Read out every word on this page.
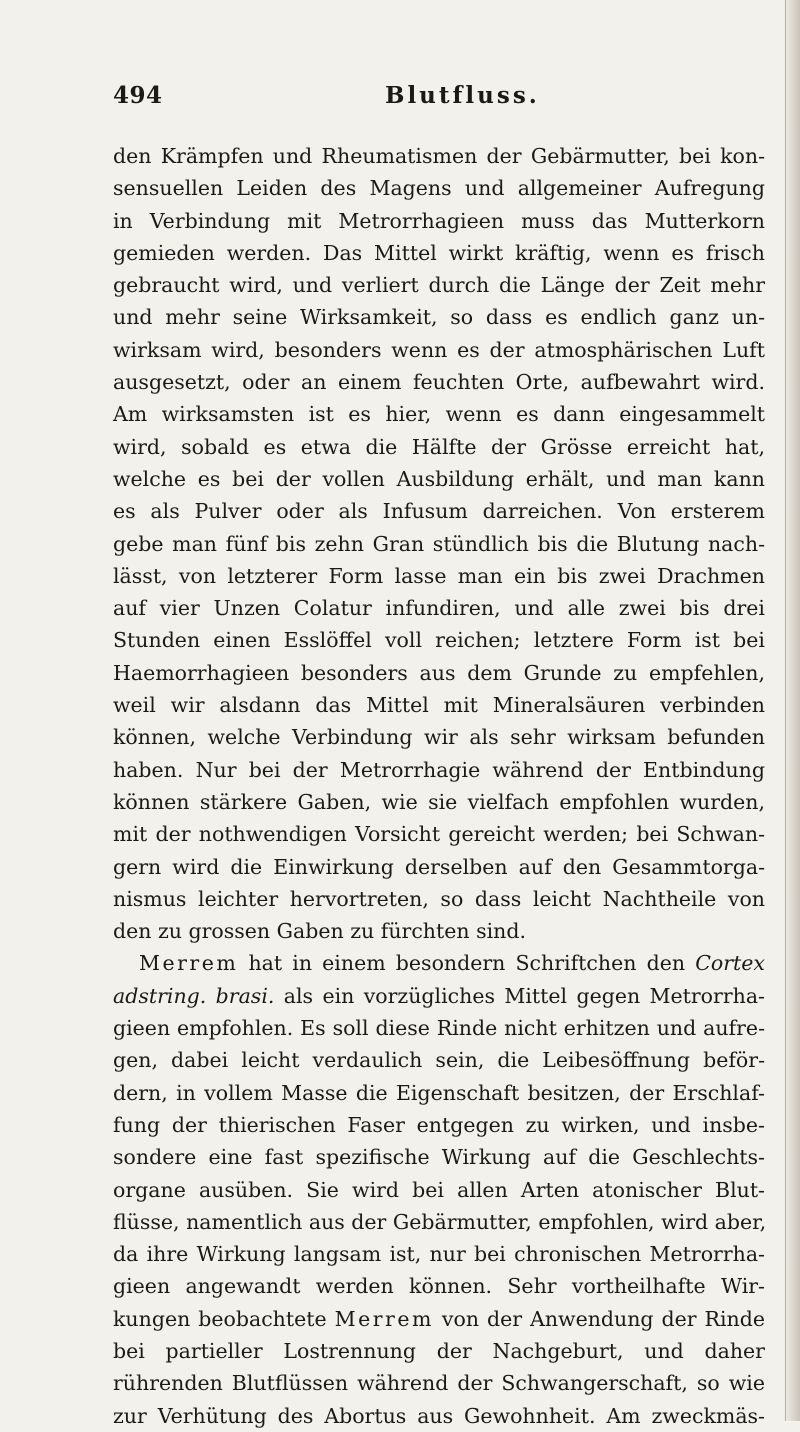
494	Blutfluss.
den Krämpfen und Rheumatismen der Gebärmutter, bei kon-
sensuellen Leiden des Magens und allgemeiner Aufregung
in Verbindung mit Metrorrhagieen muss das Mutterkorn
gemieden werden. Das Mittel wirkt kräftig, wenn es frisch
gebraucht wird, und verliert durch die Länge der Zeit mehr
und mehr seine Wirksamkeit, so dass es endlich ganz un-
wirksam wird, besonders wenn es der atmosphärischen Luft
ausgesetzt, oder an einem feuchten Orte, aufbewahrt wird.
Am wirksamsten ist es hier, wenn es dann eingesammelt
wird, sobald es etwa die Hälfte der Grösse erreicht hat,
welche es bei der vollen Ausbildung erhält, und man kann
es als Pulver oder als Infusum darreichen. Von ersterem
gebe man fünf bis zehn Gran stündlich bis die Blutung nach-
lässt, von letzterer Form lasse man ein bis zwei Drachmen
auf vier Unzen Colatur infundiren, und alle zwei bis drei
Stunden einen Esslöffel voll reichen; letztere Form ist bei
Haemorrhagieen besonders aus dem Grunde zu empfehlen,
weil wir alsdann das Mittel mit Mineralsäuren verbinden
können, welche Verbindung wir als sehr wirksam befunden
haben. Nur bei der Metrorrhagie während der Entbindung
können stärkere Gaben, wie sie vielfach empfohlen wurden,
mit der nothwendigen Vorsicht gereicht werden; bei Schwan-
gern wird die Einwirkung derselben auf den Gesammtorga-
nismus leichter hervortreten, so dass leicht Nachtheile von
den zu grossen Gaben zu fürchten sind.
Merrem hat in einem besondern Schriftchen den Cortex
adstring. brasi. als ein vorzügliches Mittel gegen Metrorrha-
gieen empfohlen. Es soll diese Rinde nicht erhitzen und aufre-
gen, dabei leicht verdaulich sein, die Leibesöffnung beför-
dern, in vollem Masse die Eigenschaft besitzen, der Erschlaf-
fung der thierischen Faser entgegen zu wirken, und insbe-
sondere eine fast spezifische Wirkung auf die Geschlechts-
organe ausüben. Sie wird bei allen Arten atonischer Blut-
flüsse, namentlich aus der Gebärmutter, empfohlen, wird aber,
da ihre Wirkung langsam ist, nur bei chronischen Metrorrha-
gieen angewandt werden können. Sehr vortheilhafte Wir-
kungen beobachtete Merrem von der Anwendung der Rinde
bei partieller Lostrennung der Nachgeburt, und daher
rührenden Blutflüssen während der Schwangerschaft, so wie
zur Verhütung des Abortus aus Gewohnheit. Am zweckmäs-
